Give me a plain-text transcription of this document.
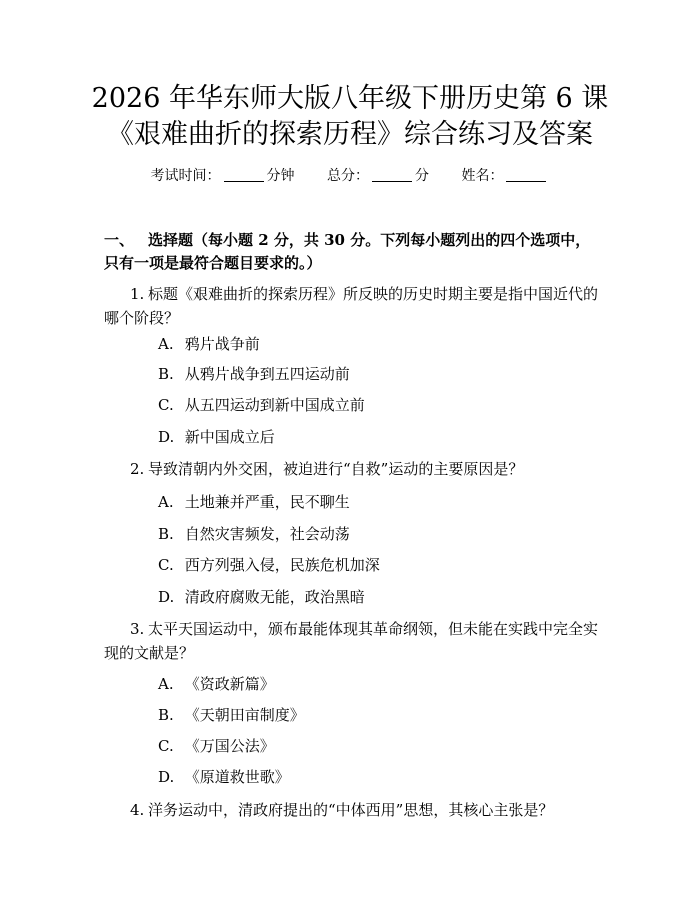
2026 年华东师大版八年级下册历史第 6 课
《艰难曲折的探索历程》综合练习及答案
考试时间：	分钟 总分：	分 姓名：
一、 选择题（每小题 2 分，共 30 分。下列每小题列出的四个选项中，只有一项是最符合题目要求的。）
1 . 标题《艰难曲折的探索历程》所反映的历史时期主要是指中国近代的哪个阶段？
A . 鸦片战争前
B . 从鸦片战争到五四运动前
C . 从五四运动到新中国成立前
D . 新中国成立后
2 . 导致清朝内外交困，被迫进行“自救”运动的主要原因是？
A . 土地兼并严重，民不聊生
B . 自然灾害频发，社会动荡
C . 西方列强入侵，民族危机加深
D . 清政府腐败无能，政治黑暗
3 . 太平天国运动中，颁布最能体现其革命纲领，但未能在实践中完全实现的文献是？
A . 《资政新篇》
B . 《天朝田亩制度》
C . 《万国公法》
D . 《原道救世歌》
4 . 洋务运动中，清政府提出的“中体西用”思想，其核心主张是？
